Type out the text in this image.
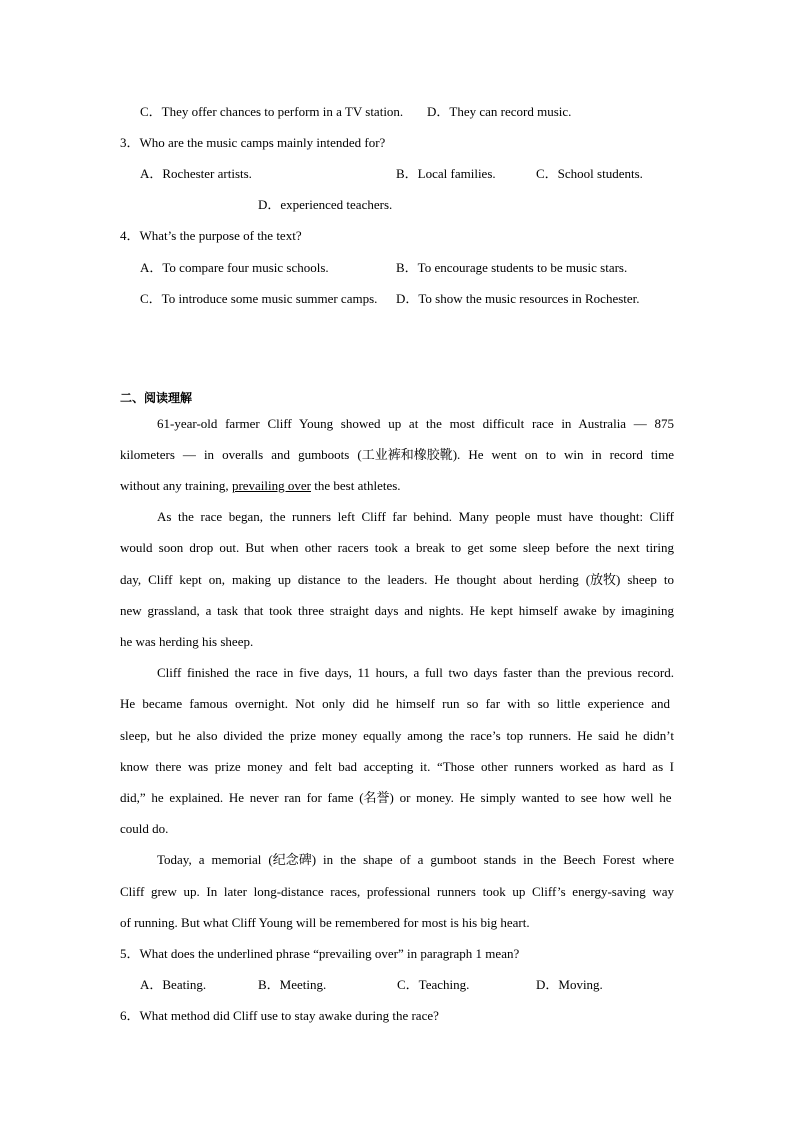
C．They offer chances to perform in a TV station. D．They can record music.
3．Who are the music camps mainly intended for?
A．Rochester artists.	B．Local families.	C．School students.
D．experienced teachers.
4．What’s the purpose of the text?
A．To compare four music schools.	B．To encourage students to be music stars.
C．To introduce some music summer camps. D．To show the music resources in Rochester.
二、阅读理解
61-year-old farmer Cliff Young showed up at the most difficult race in Australia — 875
kilometers — in overalls and gumboots (工业裤和橡胶靴). He went on to win in record time
without any training, prevailing over the best athletes.
As the race began, the runners left Cliff far behind. Many people must have thought: Cliff
would soon drop out. But when other racers took a break to get some sleep before the next tiring
day, Cliff kept on, making up distance to the leaders. He thought about herding (放牧) sheep to
new grassland, a task that took three straight days and nights. He kept himself awake by imagining
he was herding his sheep.
Cliff finished the race in five days, 11 hours, a full two days faster than the previous record.
He became famous overnight. Not only did he himself run so far with so little experience and
sleep, but he also divided the prize money equally among the race’s top runners. He said he didn’t
know there was prize money and felt bad accepting it. “Those other runners worked as hard as I
did,” he explained. He never ran for fame (名誉) or money. He simply wanted to see how well he
could do.
Today, a memorial (纪念碑) in the shape of a gumboot stands in the Beech Forest where
Cliff grew up. In later long-distance races, professional runners took up Cliff’s energy-saving way
of running. But what Cliff Young will be remembered for most is his big heart.
5．What does the underlined phrase “prevailing over” in paragraph 1 mean?
A．Beating.	B．Meeting.	C．Teaching.	D．Moving.
6．What method did Cliff use to stay awake during the race?
